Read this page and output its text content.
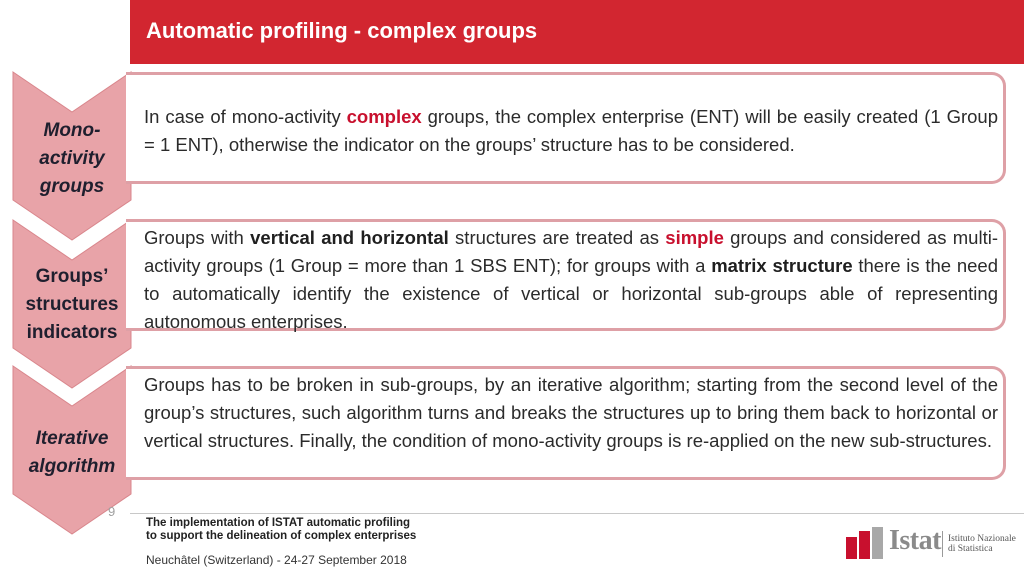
Automatic profiling - complex groups
Mono-
activity
groups
In case of mono-activity complex groups, the complex enterprise (ENT) will be easily created (1 Group = 1 ENT), otherwise the indicator on the groups’ structure has to be considered.
Groups’
structures
indicators
Groups with vertical and horizontal structures are treated as simple groups and considered as multi-activity groups (1 Group = more than 1 SBS ENT); for groups with a matrix structure there is the need to automatically identify the existence of vertical or horizontal sub-groups able of representing autonomous enterprises.
Iterative
algorithm
Groups has to be broken in sub-groups, by an iterative algorithm; starting from the second level of the group’s structures, such algorithm turns and breaks the structures up to bring them back to horizontal or vertical structures. Finally, the condition of mono-activity groups is re-applied on the new sub-structures.
9
The implementation of ISTAT automatic profiling
to support the delineation of complex enterprises
Neuchâtel (Switzerland) - 24-27 September 2018
Istat Istituto Nazionale
di Statistica
